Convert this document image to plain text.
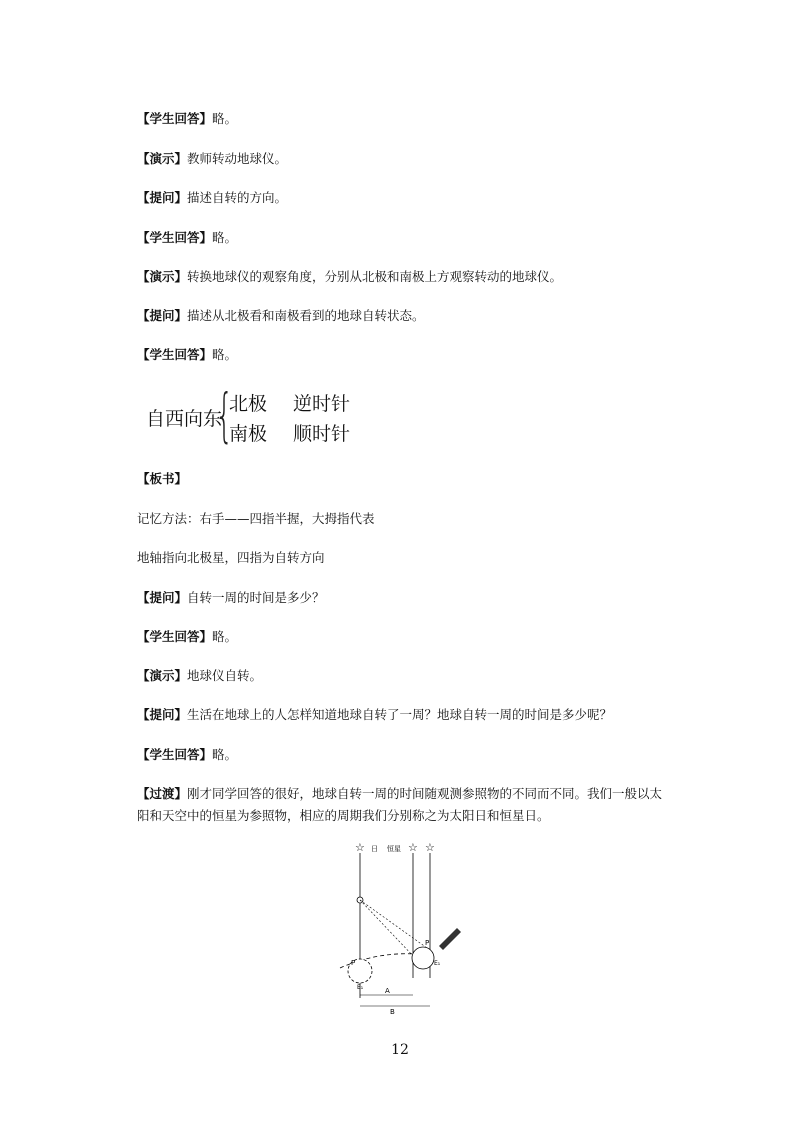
【学生回答】略。
【演示】教师转动地球仪。
【提问】描述自转的方向。
【学生回答】略。
【演示】转换地球仪的观察角度，分别从北极和南极上方观察转动的地球仪。
【提问】描述从北极看和南极看到的地球自转状态。
【学生回答】略。
自西向东
{
北极 逆时针
南极 顺时针
【板书】
记忆方法：右手——四指半握，大拇指代表
地轴指向北极星，四指为自转方向
【提问】自转一周的时间是多少？
【学生回答】略。
【演示】地球仪自转。
【提问】生活在地球上的人怎样知道地球自转了一周？地球自转一周的时间是多少呢？
【学生回答】略。
【过渡】刚才同学回答的很好，地球自转一周的时间随观测参照物的不同而不同。我们一般以太阳和天空中的恒星为参照物，相应的周期我们分别称之为太阳日和恒星日。
☆	☆ ☆
日 恒星
P
P
E₁
E₁
A
B
12
